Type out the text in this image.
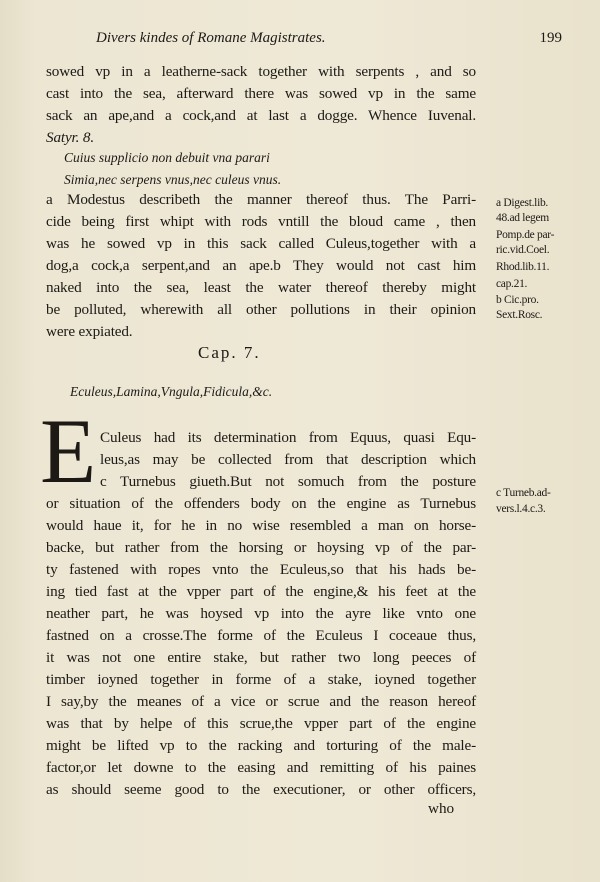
Divers kindes of Romane Magistrates.	199
sowed vp in a leatherne-sack together with serpents , and so
cast into the sea, afterward there was sowed vp in the same
sack an ape,and a cock,and at last a dogge. Whence Iuvenal.
Satyr. 8.
Cuius supplicio non debuit vna parari
Simia,nec serpens vnus,nec culeus vnus.
a Modestus describeth the manner thereof thus. The Parri-
cide being first whipt with rods vntill the bloud came , then
was he sowed vp in this sack called Culeus,together with a
dog,a cock,a serpent,and an ape.b They would not cast him
naked into the sea, least the water thereof thereby might
be polluted, wherewith all other pollutions in their opinion
were expiated.
a Digest.lib.
48.ad legem
Pomp.de par-
ric.vid.Coel.
Rhod.lib.11.
cap.21.
b Cic.pro.
Sext.Rosc.
Cap. 7.
Eculeus,Lamina,Vngula,Fidicula,&c.
E Culeus had its determination from Equus, quasi Equ-
leus,as may be collected from that description which
c Turnebus giueth.But not somuch from the posture
or situation of the offenders body on the engine as Turnebus
would haue it, for he in no wise resembled a man on horse-
backe, but rather from the horsing or hoysing vp of the par-
ty fastened with ropes vnto the Eculeus,so that his hads be-
ing tied fast at the vpper part of the engine,& his feet at the
neather part, he was hoysed vp into the ayre like vnto one
fastned on a crosse.The forme of the Eculeus I coceaue thus,
it was not one entire stake, but rather two long peeces of
timber ioyned together in forme of a stake, ioyned together
I say,by the meanes of a vice or scrue and the reason hereof
was that by helpe of this scrue,the vpper part of the engine
might be lifted vp to the racking and torturing of the male-
factor,or let downe to the easing and remitting of his paines
as should seeme good to the executioner, or other officers,
c Turneb.ad-
vers.l.4.c.3.
who
